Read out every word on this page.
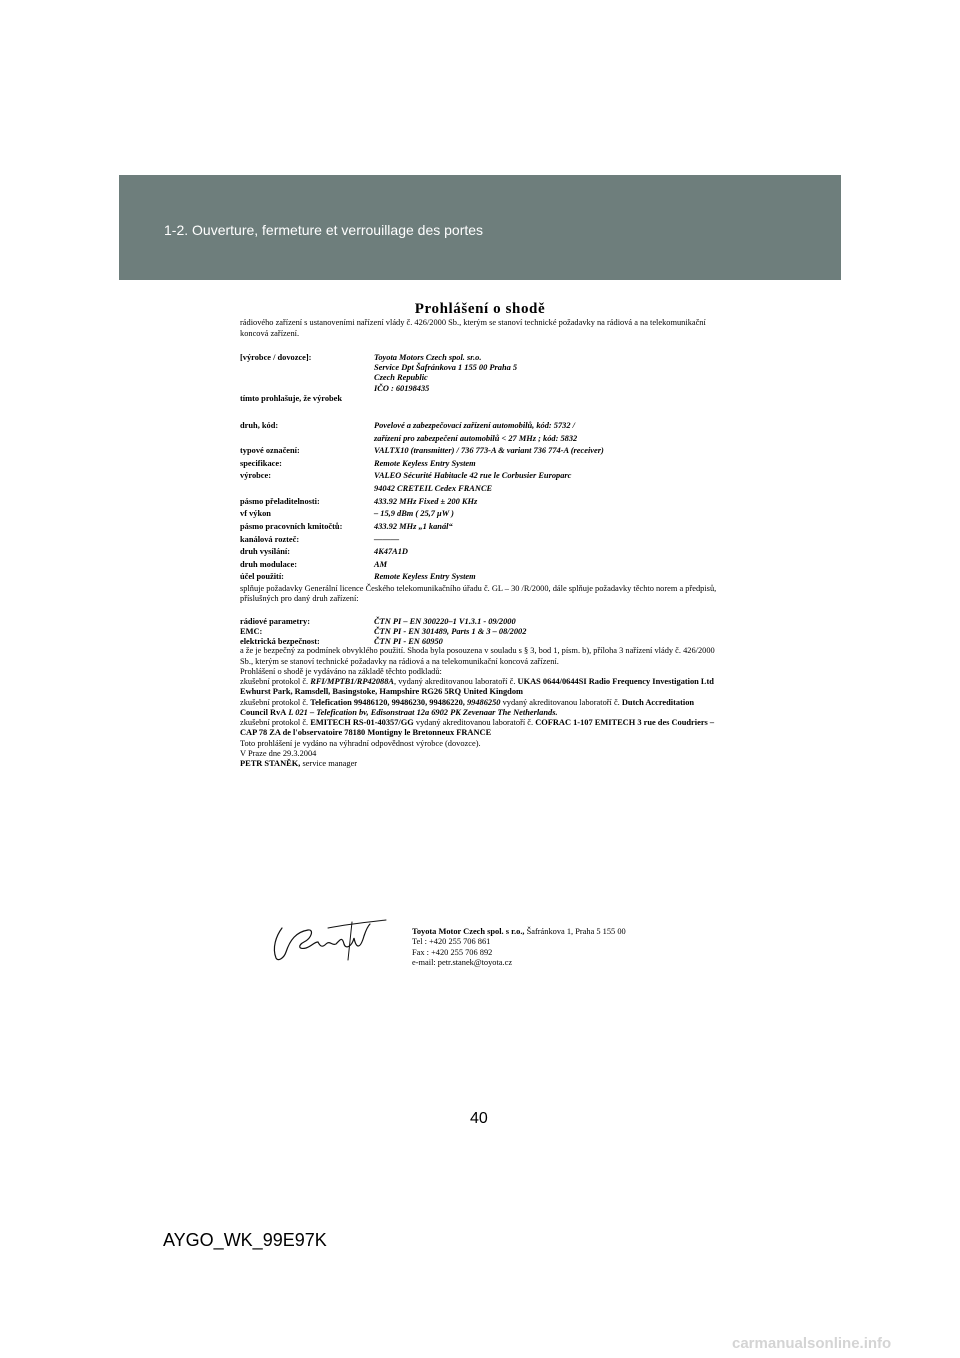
1-2. Ouverture, fermeture et verrouillage des portes

Prohlášení o shodě

rádiového zařízení s ustanoveními nařízení vlády č. 426/2000 Sb., kterým se stanoví technické požadavky na rádiová a na telekomunikační koncová zařízení.

[výrobce / dovozce]:	Toyota Motors Czech spol. sr.o.
Service Dpt Šafránkova 1 155 00 Praha 5
Czech Republic
IČO : 60198435

tímto prohlašuje, že výrobek

druh, kód:	Povelové a zabezpečovací zařízení automobilů, kód: 5732 /
zařízení pro zabezpečení automobilů < 27 MHz ; kód: 5832
typové označení:	VALTX10 (transmitter) / 736 773-A & variant 736 774-A (receiver)
specifikace:	Remote Keyless Entry System
výrobce:	VALEO Sécurité Habitacle 42 rue le Corbusier Europarc
94042 CRETEIL Cedex FRANCE
pásmo přeladitelnosti:	433.92 MHz Fixed ± 200 KHz
vf výkon	– 15,9 dBm ( 25,7 μW )
pásmo pracovních kmitočtů:	433.92 MHz „1 kanál“
kanálová rozteč:	———
druh vysílání:	4K47A1D
druh modulace:	AM
účel použití:	Remote Keyless Entry System

splňuje požadavky Generální licence Českého telekomunikačního úřadu č. GL – 30 /R/2000, dále splňuje požadavky těchto norem a předpisů, příslušných pro daný druh zařízení:

rádiové parametry:	ČTN PI – EN 300220–1 V1.3.1 - 09/2000
EMC:	ČTN PI - EN 301489, Parts 1 & 3 – 08/2002
elektrická bezpečnost:	ČTN PI - EN 60950

a že je bezpečný za podmínek obvyklého použití. Shoda byla posouzena v souladu s § 3, bod 1, písm. b), příloha 3 nařízení vlády č. 426/2000 Sb., kterým se stanoví technické požadavky na rádiová a na telekomunikační koncová zařízení.

Prohlášení o shodě je vydáváno na základě těchto podkladů:

zkušební protokol č. RFI/MPTB1/RP42088A, vydaný akreditovanou laboratoří č. UKAS 0644/0644SI Radio Frequency Investigation Ltd Ewhurst Park, Ramsdell, Basingstoke, Hampshire RG26 5RQ United Kingdom

zkušební protokol č. Telefication 99486120, 99486230, 99486220, 99486250 vydaný akreditovanou laboratoří č. Dutch Accreditation Council RvA L 021 – Telefication bv, Edisonstraat 12a 6902 PK Zevenaar The Netherlands.
zkušební protokol č. EMITECH RS-01-40357/GG vydaný akreditovanou laboratoří č. COFRAC 1-107 EMITECH 3 rue des Coudriers – CAP 78 ZA de l'observatoire 78180 Montigny le Bretonneux FRANCE

Toto prohlášení je vydáno na výhradní odpovědnost výrobce (dovozce).

V Praze dne 29.3.2004

PETR STANĚK, service manager

Toyota Motor Czech spol. s r.o., Šafránkova 1, Praha 5 155 00
Tel : +420 255 706 861
Fax : +420 255 706 892
e-mail: petr.stanek@toyota.cz
40
AYGO_WK_99E97K
carmanualsonline.info
